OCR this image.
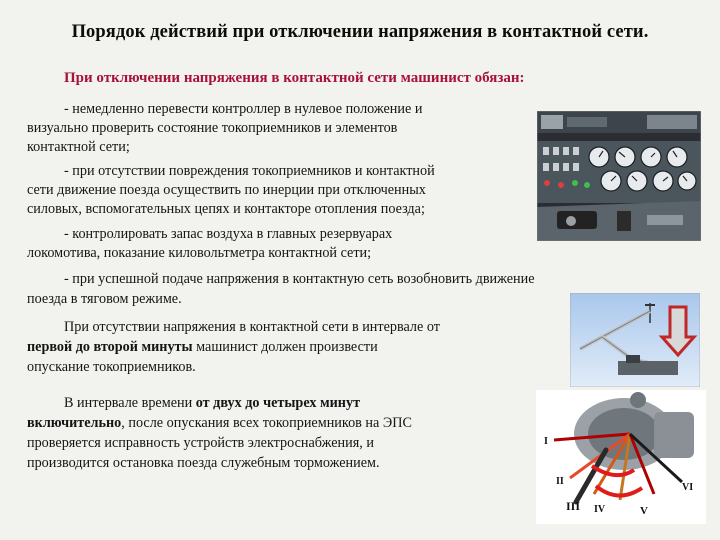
Порядок действий при отключении напряжения в контактной сети.
При отключении напряжения в контактной сети машинист обязан:
- немедленно перевести контроллер в нулевое положение и
визуально проверить состояние токоприемников и элементов
контактной сети;
- при отсутствии повреждения токоприемников и контактной
сети движение поезда осуществить по инерции при отключенных
силовых, вспомогательных цепях и контакторе отопления поезда;
- контролировать запас воздуха в главных резервуарах
локомотива, показание киловольтметра контактной сети;
- при успешной подаче напряжения в контактную сеть возобновить движение
поезда в тяговом режиме.
При отсутствии напряжения в контактной сети в интервале от
первой до второй минуты машинист должен произвести
опускание токоприемников.
В интервале времени от двух до четырех минут
включительно, после опускания всех токоприемников на ЭПС
проверяется исправность устройств электроснабжения, и
производится остановка поезда служебным торможением.
I
II
III IV	V
VI
